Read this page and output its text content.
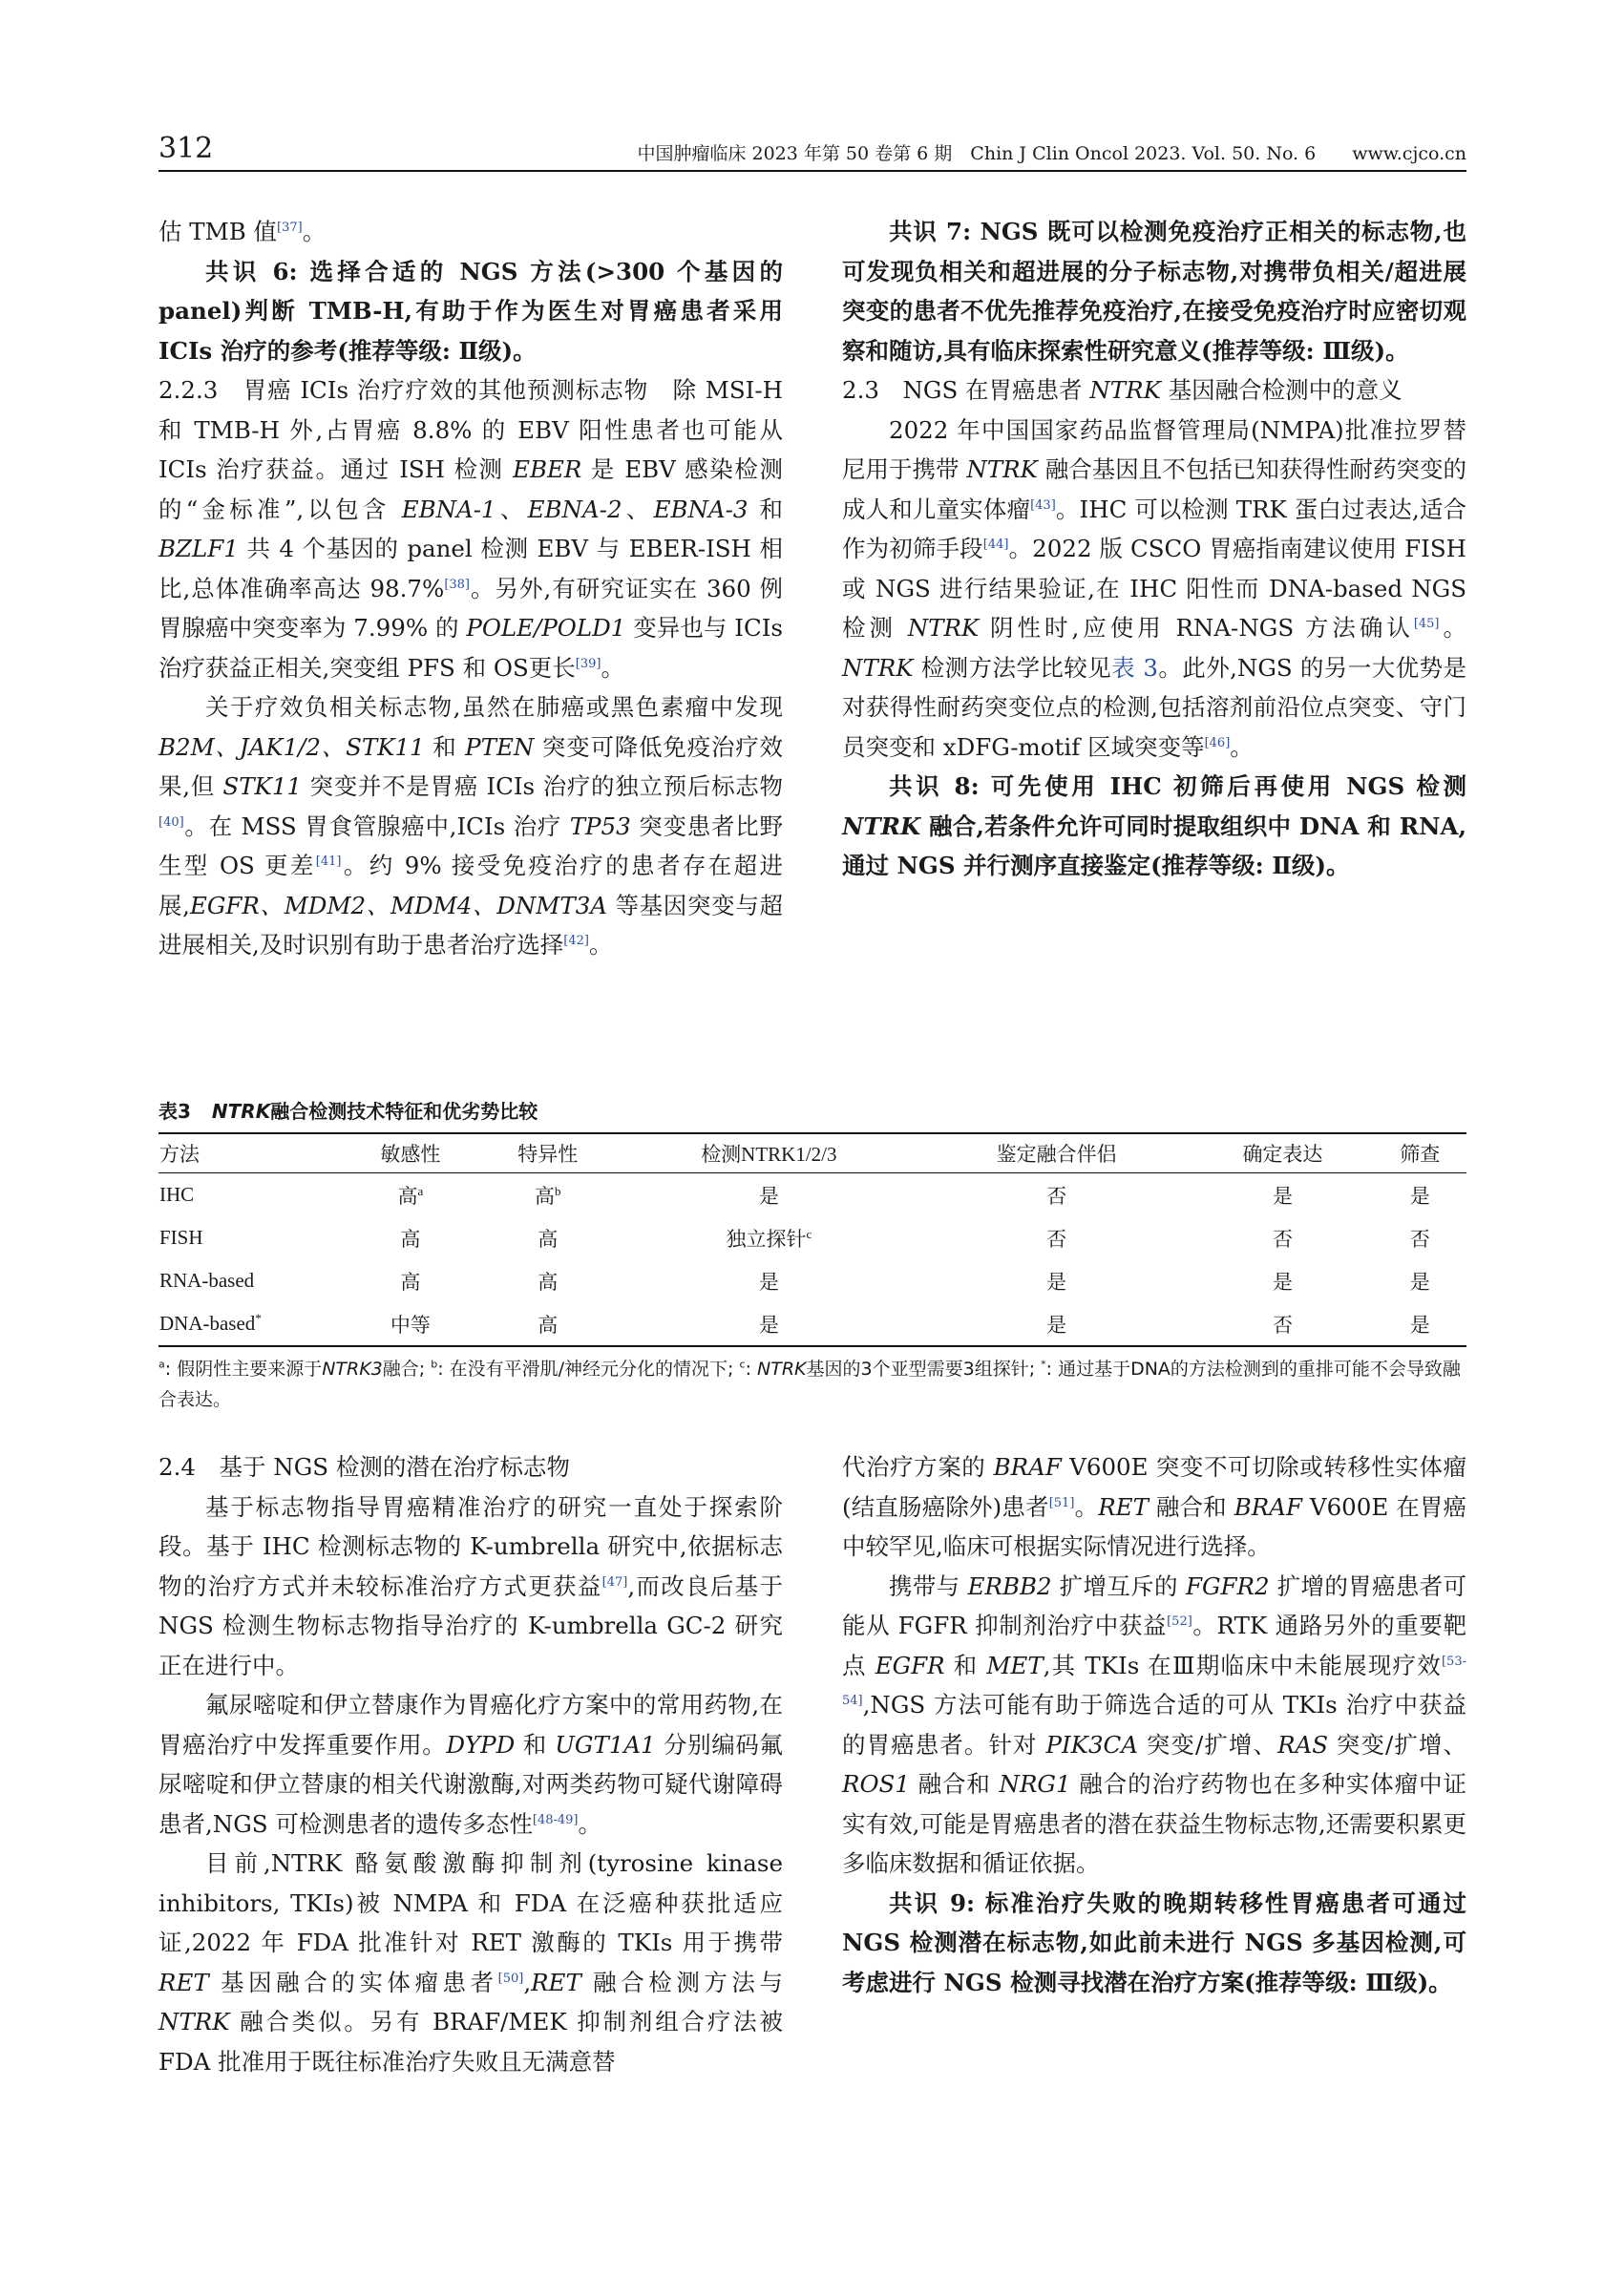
312	中国肿瘤临床 2023 年第 50 卷第 6 期　Chin J Clin Oncol 2023. Vol. 50. No. 6　　www.cjco.cn

估 TMB 值[37]。

共识 6: 选择合适的 NGS 方法(>300 个基因的 panel)判断 TMB-H,有助于作为医生对胃癌患者采用 ICIs 治疗的参考(推荐等级: Ⅱ级)。

2.2.3　胃癌 ICIs 治疗疗效的其他预测标志物　除 MSI-H 和 TMB-H 外,占胃癌 8.8% 的 EBV 阳性患者也可能从 ICIs 治疗获益。通过 ISH 检测 EBER 是 EBV 感染检测的“金标准”,以包含 EBNA-1、EBNA-2、EBNA-3 和 BZLF1 共 4 个基因的 panel 检测 EBV 与 EBER-ISH 相比,总体准确率高达 98.7%[38]。另外,有研究证实在 360 例胃腺癌中突变率为 7.99% 的 POLE/POLD1 变异也与 ICIs 治疗获益正相关,突变组 PFS 和 OS更长[39]。

关于疗效负相关标志物,虽然在肺癌或黑色素瘤中发现 B2M、JAK1/2、STK11 和 PTEN 突变可降低免疫治疗效果,但 STK11 突变并不是胃癌 ICIs 治疗的独立预后标志物[40]。在 MSS 胃食管腺癌中,ICIs 治疗 TP53 突变患者比野生型 OS 更差[41]。约 9% 接受免疫治疗的患者存在超进展,EGFR、MDM2、MDM4、DNMT3A 等基因突变与超进展相关,及时识别有助于患者治疗选择[42]。

共识 7: NGS 既可以检测免疫治疗正相关的标志物,也可发现负相关和超进展的分子标志物,对携带负相关/超进展突变的患者不优先推荐免疫治疗,在接受免疫治疗时应密切观察和随访,具有临床探索性研究意义(推荐等级: Ⅲ级)。

2.3　NGS 在胃癌患者 NTRK 基因融合检测中的意义

2022 年中国国家药品监督管理局(NMPA)批准拉罗替尼用于携带 NTRK 融合基因且不包括已知获得性耐药突变的成人和儿童实体瘤[43]。IHC 可以检测 TRK 蛋白过表达,适合作为初筛手段[44]。2022 版 CSCO 胃癌指南建议使用 FISH 或 NGS 进行结果验证,在 IHC 阳性而 DNA-based NGS 检测 NTRK 阴性时,应使用 RNA-NGS 方法确认[45]。NTRK 检测方法学比较见表 3。此外,NGS 的另一大优势是对获得性耐药突变位点的检测,包括溶剂前沿位点突变、守门员突变和 xDFG-motif 区域突变等[46]。

共识 8: 可先使用 IHC 初筛后再使用 NGS 检测 NTRK 融合,若条件允许可同时提取组织中 DNA 和 RNA,通过 NGS 并行测序直接鉴定(推荐等级: Ⅱ级)。

表3 NTRK融合检测技术特征和优劣势比较
方法	敏感性	特异性	检测NTRK1/2/3	鉴定融合伴侣	确定表达	筛查
IHC	高$^a$	高$^b$	是	否	是	是
FISH	高	高	独立探针$^c$	否	否	否
RNA-based	高	高	是	是	是	是
DNA-based*	中等	高	是	是	否	是
$^a$: 假阴性主要来源于NTRK3融合; $^b$: 在没有平滑肌/神经元分化的情况下; $^c$: NTRK基因的3个亚型需要3组探针; *: 通过基于DNA的方法检测到的重排可能不会导致融合表达。

2.4　基于 NGS 检测的潜在治疗标志物

基于标志物指导胃癌精准治疗的研究一直处于探索阶段。基于 IHC 检测标志物的 K-umbrella 研究中,依据标志物的治疗方式并未较标准治疗方式更获益[47],而改良后基于 NGS 检测生物标志物指导治疗的 K-umbrella GC-2 研究正在进行中。

氟尿嘧啶和伊立替康作为胃癌化疗方案中的常用药物,在胃癌治疗中发挥重要作用。DYPD 和 UGT1A1 分别编码氟尿嘧啶和伊立替康的相关代谢激酶,对两类药物可疑代谢障碍患者,NGS 可检测患者的遗传多态性[48-49]。

目前,NTRK 酪氨酸激酶抑制剂(tyrosine kinase inhibitors, TKIs)被 NMPA 和 FDA 在泛癌种获批适应证,2022 年 FDA 批准针对 RET 激酶的 TKIs 用于携带 RET 基因融合的实体瘤患者[50],RET 融合检测方法与 NTRK 融合类似。另有 BRAF/MEK 抑制剂组合疗法被 FDA 批准用于既往标准治疗失败且无满意替

代治疗方案的 BRAF V600E 突变不可切除或转移性实体瘤(结直肠癌除外)患者[51]。RET 融合和 BRAF V600E 在胃癌中较罕见,临床可根据实际情况进行选择。

携带与 ERBB2 扩增互斥的 FGFR2 扩增的胃癌患者可能从 FGFR 抑制剂治疗中获益[52]。RTK 通路另外的重要靶点 EGFR 和 MET,其 TKIs 在Ⅲ期临床中未能展现疗效[53-54],NGS 方法可能有助于筛选合适的可从 TKIs 治疗中获益的胃癌患者。针对 PIK3CA 突变/扩增、RAS 突变/扩增、ROS1 融合和 NRG1 融合的治疗药物也在多种实体瘤中证实有效,可能是胃癌患者的潜在获益生物标志物,还需要积累更多临床数据和循证依据。

共识 9: 标准治疗失败的晚期转移性胃癌患者可通过 NGS 检测潜在标志物,如此前未进行 NGS 多基因检测,可考虑进行 NGS 检测寻找潜在治疗方案(推荐等级: Ⅲ级)。
